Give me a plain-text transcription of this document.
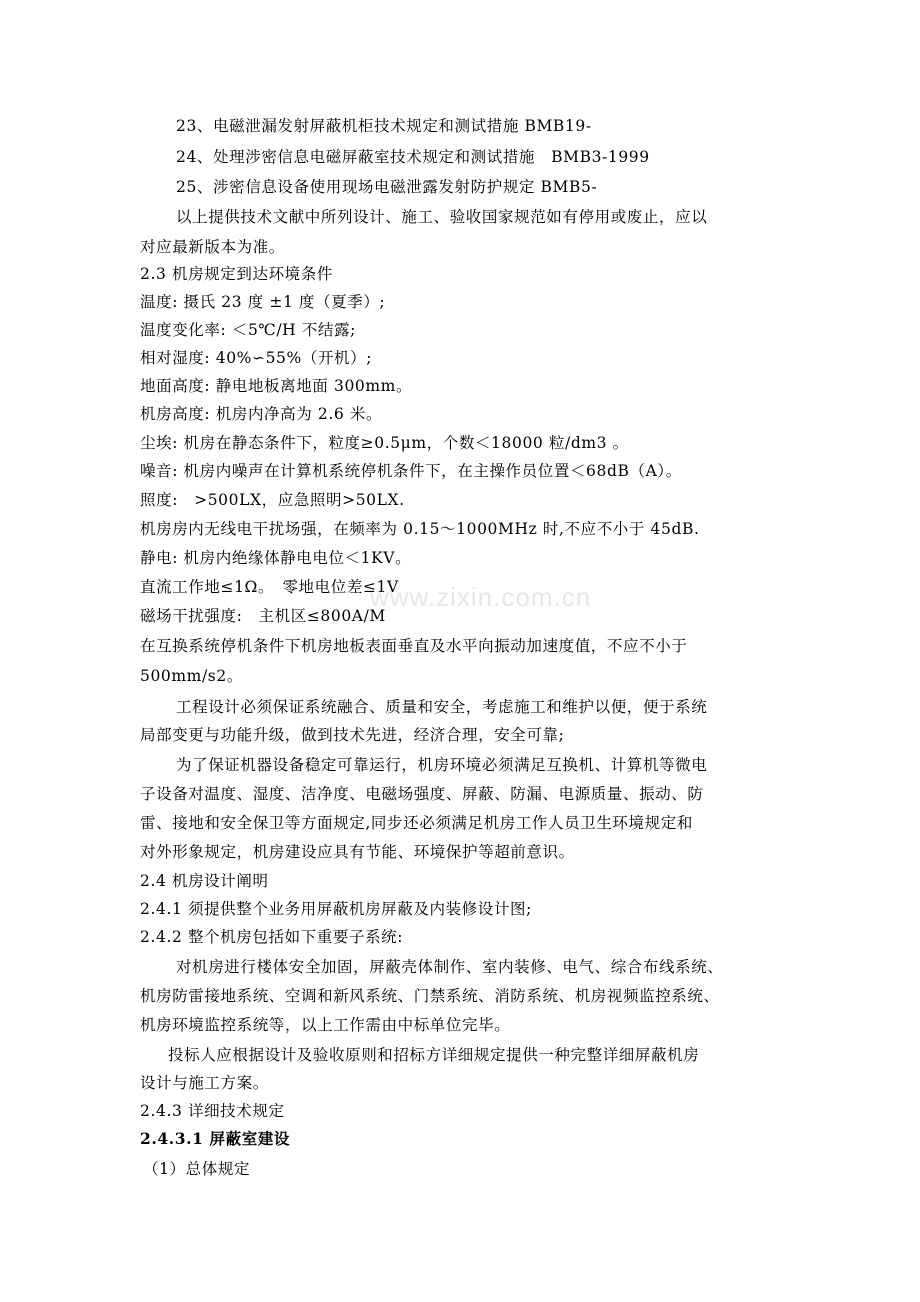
www.zixin.com.cn
23、电磁泄漏发射屏蔽机柜技术规定和测试措施 BMB19-
24、处理涉密信息电磁屏蔽室技术规定和测试措施　BMB3-1999
25、涉密信息设备使用现场电磁泄露发射防护规定 BMB5-
以上提供技术文献中所列设计、施工、验收国家规范如有停用或废止，应以
对应最新版本为准。
2.3 机房规定到达环境条件
温度: 摄氏 23 度 ±1 度（夏季）;
温度变化率: ＜5℃/H 不结露;
相对湿度: 40%∽55%（开机）;
地面高度: 静电地板离地面 300mm。
机房高度: 机房内净高为 2.6 米。
尘埃: 机房在静态条件下，粒度≥0.5μm，个数＜18000 粒/dm3 。
噪音: 机房内噪声在计算机系统停机条件下，在主操作员位置＜68dB（A）。
照度:　>500LX，应急照明>50LX.
机房房内无线电干扰场强，在频率为 0.15～1000MHz 时,不应不小于 45dB.
静电: 机房内绝缘体静电电位＜1KV。
直流工作地≤1Ω。　零地电位差≤1V
磁场干扰强度:　主机区≤800A/M
在互换系统停机条件下机房地板表面垂直及水平向振动加速度值，不应不小于
500mm/s2。
工程设计必须保证系统融合、质量和安全，考虑施工和维护以便，便于系统
局部变更与功能升级，做到技术先进，经济合理，安全可靠;
为了保证机器设备稳定可靠运行，机房环境必须满足互换机、计算机等微电
子设备对温度、湿度、洁净度、电磁场强度、屏蔽、防漏、电源质量、振动、防
雷、接地和安全保卫等方面规定,同步还必须满足机房工作人员卫生环境规定和
对外形象规定，机房建设应具有节能、环境保护等超前意识。
2.4 机房设计阐明
2.4.1 须提供整个业务用屏蔽机房屏蔽及内装修设计图;
2.4.2 整个机房包括如下重要子系统:
对机房进行楼体安全加固，屏蔽壳体制作、室内装修、电气、综合布线系统、
机房防雷接地系统、空调和新风系统、门禁系统、消防系统、机房视频监控系统、
机房环境监控系统等，以上工作需由中标单位完毕。
投标人应根据设计及验收原则和招标方详细规定提供一种完整详细屏蔽机房
设计与施工方案。
2.4.3 详细技术规定
2.4.3.1 屏蔽室建设
（1）总体规定
